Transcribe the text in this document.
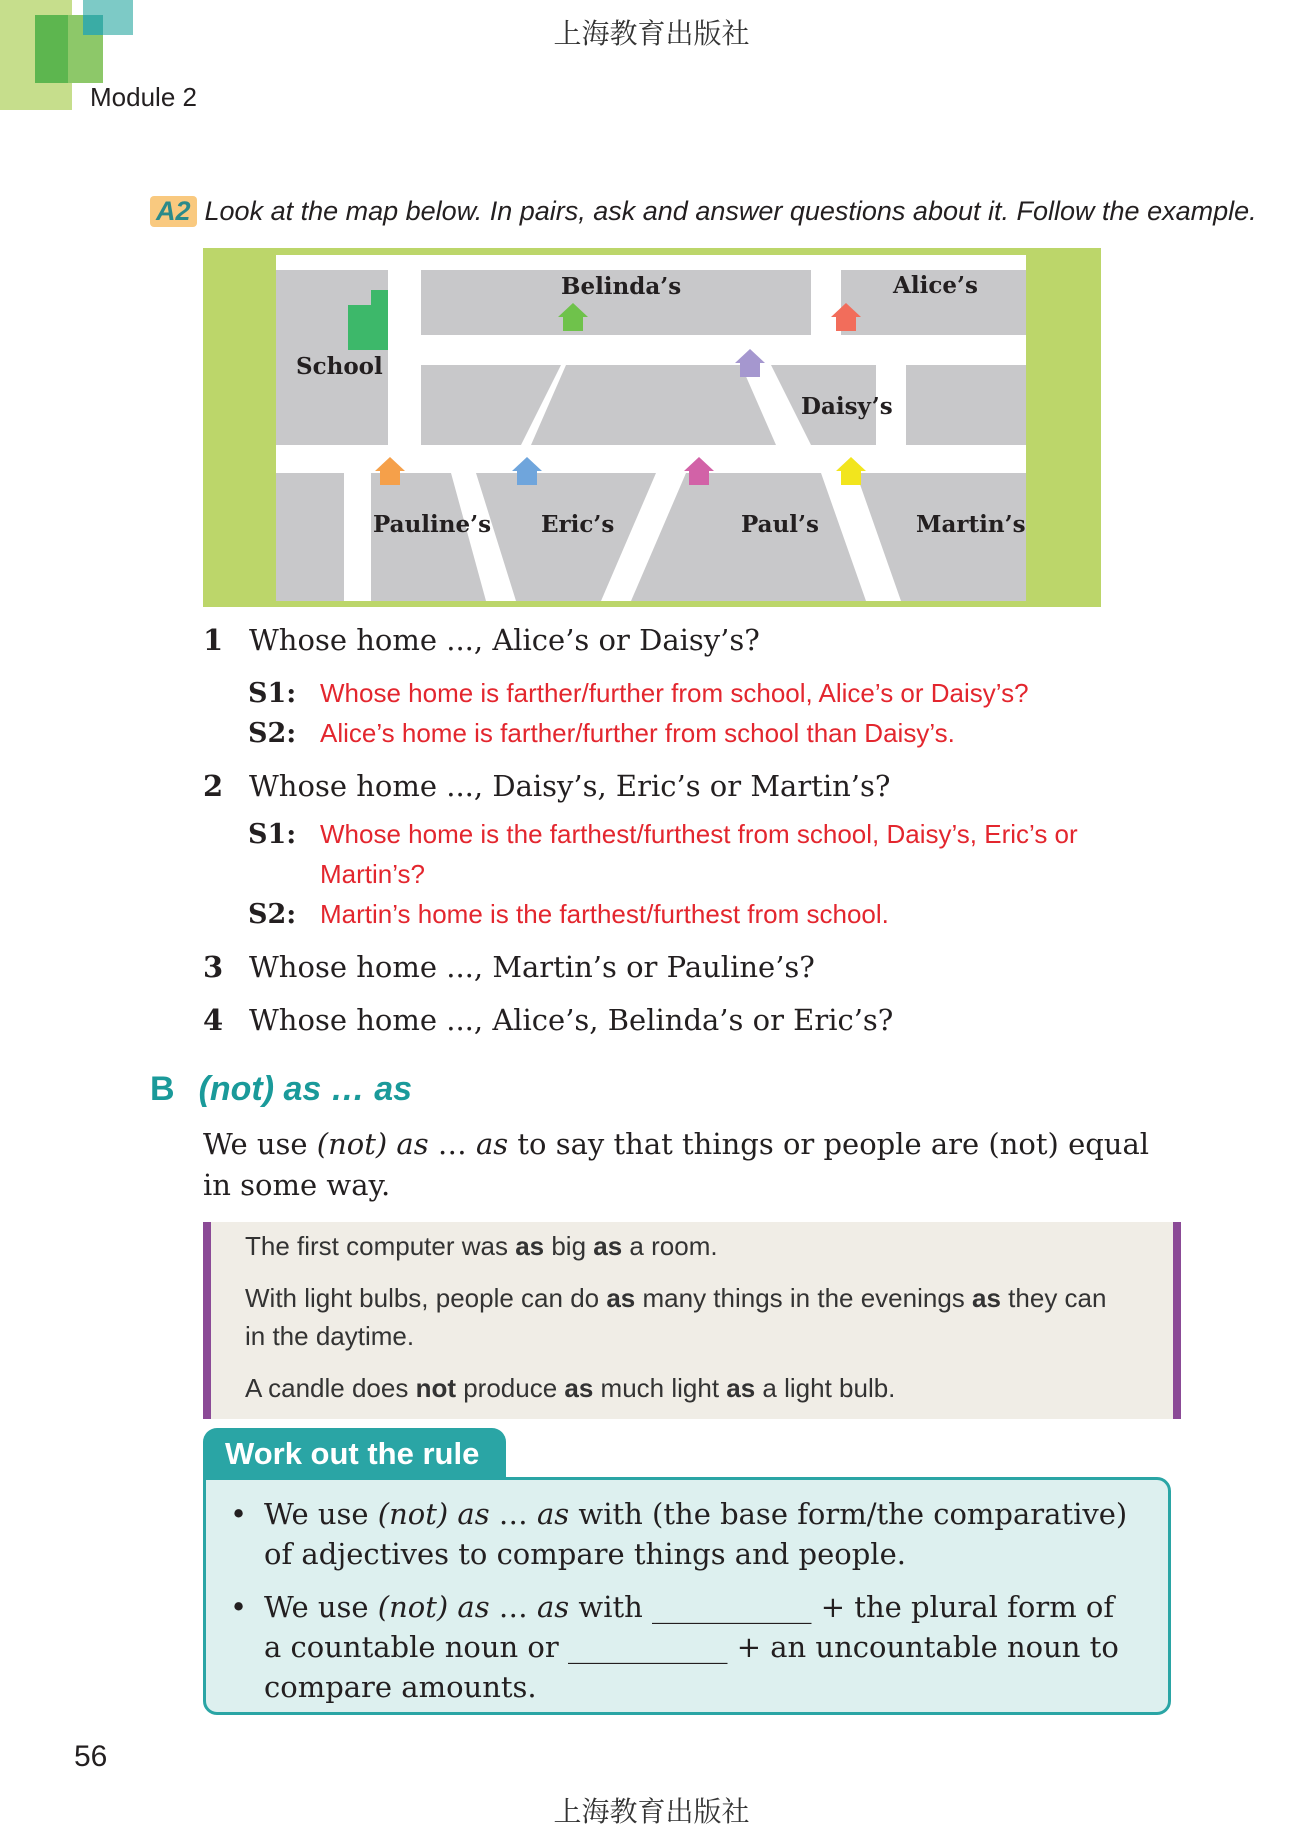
上海教育出版社
Module 2
A2 Look at the map below. In pairs, ask and answer questions about it. Follow the example.
Belinda’s	Alice’s
School
Daisy’s
Pauline’s Eric’s	Paul’s	Martin’s
1 Whose home ..., Alice’s or Daisy’s?
S1: Whose home is farther/further from school, Alice’s or Daisy’s?
S2: Alice’s home is farther/further from school than Daisy’s.
2 Whose home ..., Daisy’s, Eric’s or Martin’s?
S1: Whose home is the farthest/furthest from school, Daisy’s, Eric’s or
Martin’s?
S2: Martin’s home is the farthest/furthest from school.
3 Whose home ..., Martin’s or Pauline’s?
4 Whose home ..., Alice’s, Belinda’s or Eric’s?
B (not) as … as
We use (not) as … as to say that things or people are (not) equal in some way.
The first computer was as big as a room.
With light bulbs, people can do as many things in the evenings as they can
in the daytime.
A candle does not produce as much light as a light bulb.
Work out the rule
• We use (not) as … as with (the base form/the comparative) of adjectives to compare things and people.
• We use (not) as … as with ___________ + the plural form of a countable noun or ___________ + an uncountable noun to compare amounts.
56
上海教育出版社
